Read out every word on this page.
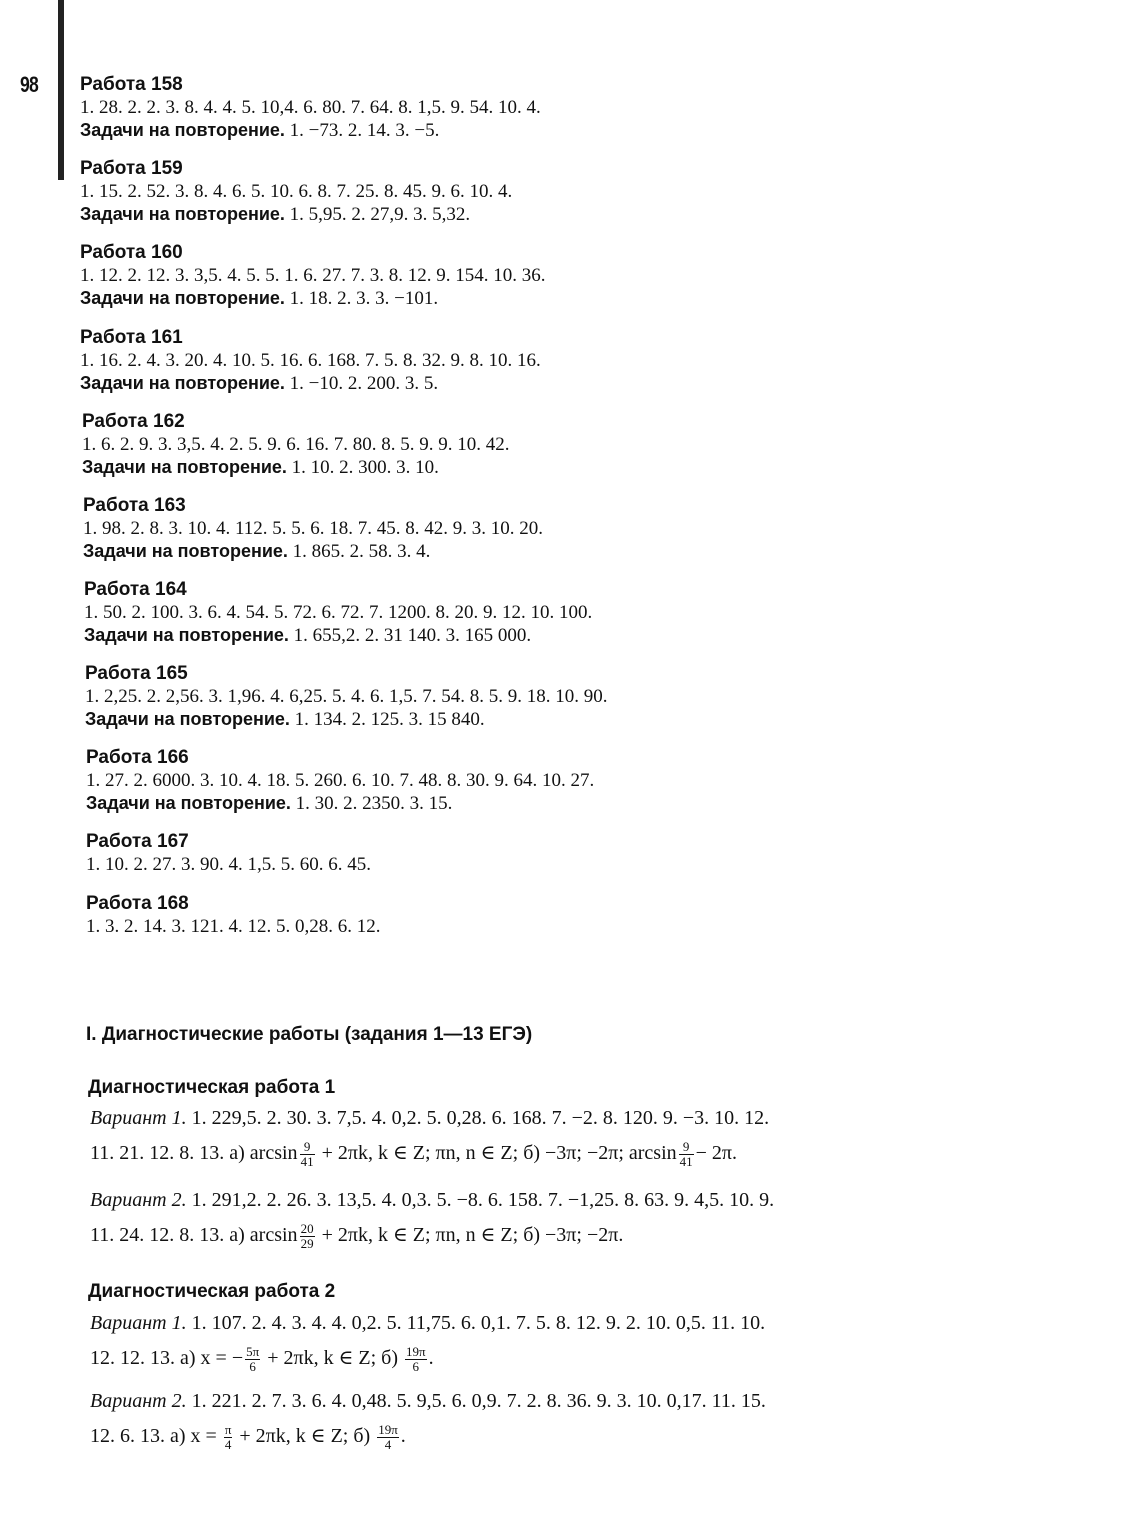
98 Работа 158
1. 28. 2. 2. 3. 8. 4. 4. 5. 10,4. 6. 80. 7. 64. 8. 1,5. 9. 54. 10. 4.
Задачи на повторение. 1. −73. 2. 14. 3. −5.
Работа 159
1. 15. 2. 52. 3. 8. 4. 6. 5. 10. 6. 8. 7. 25. 8. 45. 9. 6. 10. 4.
Задачи на повторение. 1. 5,95. 2. 27,9. 3. 5,32.
Работа 160
1. 12. 2. 12. 3. 3,5. 4. 5. 5. 1. 6. 27. 7. 3. 8. 12. 9. 154. 10. 36.
Задачи на повторение. 1. 18. 2. 3. 3. −101.
Работа 161
1. 16. 2. 4. 3. 20. 4. 10. 5. 16. 6. 168. 7. 5. 8. 32. 9. 8. 10. 16.
Задачи на повторение. 1. −10. 2. 200. 3. 5.
Работа 162
1. 6. 2. 9. 3. 3,5. 4. 2. 5. 9. 6. 16. 7. 80. 8. 5. 9. 9. 10. 42.
Задачи на повторение. 1. 10. 2. 300. 3. 10.
Работа 163
1. 98. 2. 8. 3. 10. 4. 112. 5. 5. 6. 18. 7. 45. 8. 42. 9. 3. 10. 20.
Задачи на повторение. 1. 865. 2. 58. 3. 4.
Работа 164
1. 50. 2. 100. 3. 6. 4. 54. 5. 72. 6. 72. 7. 1200. 8. 20. 9. 12. 10. 100.
Задачи на повторение. 1. 655,2. 2. 31 140. 3. 165 000.
Работа 165
1. 2,25. 2. 2,56. 3. 1,96. 4. 6,25. 5. 4. 6. 1,5. 7. 54. 8. 5. 9. 18. 10. 90.
Задачи на повторение. 1. 134. 2. 125. 3. 15 840.
Работа 166
1. 27. 2. 6000. 3. 10. 4. 18. 5. 260. 6. 10. 7. 48. 8. 30. 9. 64. 10. 27.
Задачи на повторение. 1. 30. 2. 2350. 3. 15.
Работа 167
1. 10. 2. 27. 3. 90. 4. 1,5. 5. 60. 6. 45.
Работа 168
1. 3. 2. 14. 3. 121. 4. 12. 5. 0,28. 6. 12.
I. Диагностические работы (задания 1—13 ЕГЭ)
Диагностическая работа 1
Вариант 1. 1. 229,5. 2. 30. 3. 7,5. 4. 0,2. 5. 0,28. 6. 168. 7. −2. 8. 120. 9. −3. 10. 12.
11. 21. 12. 8. 13. а) $\arcsin \frac{9}{41} + 2\pi k$, k ∈ Z; πn, n ∈ Z; б) −3π; −2π; $\arcsin \frac{9}{41} - 2\pi$.
Вариант 2. 1. 291,2. 2. 26. 3. 13,5. 4. 0,3. 5. −8. 6. 158. 7. −1,25. 8. 63. 9. 4,5. 10. 9.
11. 24. 12. 8. 13. а) $\arcsin \frac{20}{29} + 2\pi k$, k ∈ Z; πn, n ∈ Z; б) −3π; −2π.
Диагностическая работа 2
Вариант 1. 1. 107. 2. 4. 3. 4. 4. 0,2. 5. 11,75. 6. 0,1. 7. 5. 8. 12. 9. 2. 10. 0,5. 11. 10.
12. 12. 13. а) x = − $\frac{5\pi}{6} + 2\pi k$, k ∈ Z; $б) \frac{19\pi}{6}$ .
Вариант 2. 1. 221. 2. 7. 3. 6. 4. 0,48. 5. 9,5. 6. 0,9. 7. 2. 8. 36. 9. 3. 10. 0,17. 11. 15.
12. 6. 13. а) $x = \frac{\pi}{4} + 2\pi k$, k ∈ Z; $б) \frac{19\pi}{4}$ .
